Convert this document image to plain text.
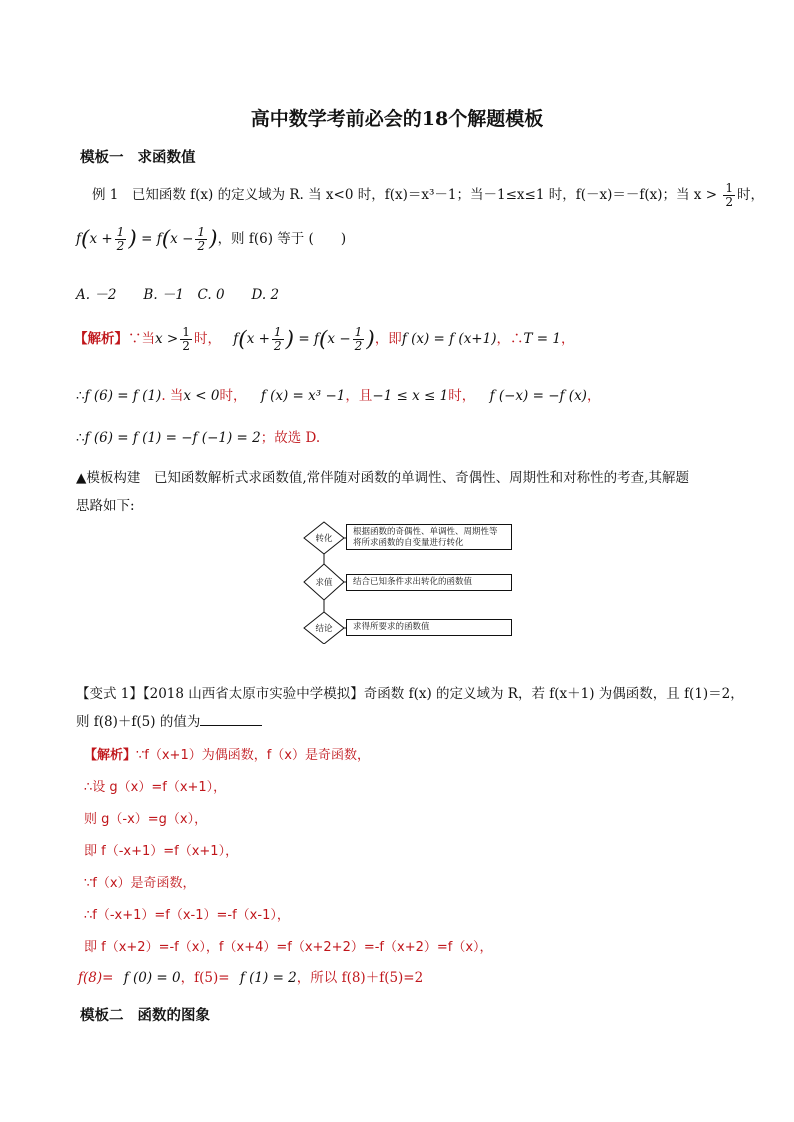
高中数学考前必会的18个解题模板
模板一 求函数值
例 1　已知函数 f(x) 的定义域为 R. 当 x<0 时，f(x)＝x³－1；当－1≤x≤1 时，f(－x)＝－f(x)；当 $x > \frac{1}{2}$ 时，
$f(x + \frac{1}{2}$ ) = $f(x - \frac{1}{2}$ )，则 f(6) 等于 (　　)
A. －2　　B. －1　C. 0　　D. 2
【解析】∵当$x > \frac{1}{2}$ 时， $f(x + \frac{1}{2}$ ) = $f(x - \frac{1}{2}$ )，即f (x) = f (x+1)，∴T = 1，
∴f (6) = f (1). 当x < 0时， f (x) = x³ −1，且−1 ≤ x ≤ 1时， f (−x) = −f (x)，
∴f (6) = f (1) = −f (−1) = 2；故选 D.
▲模板构建　已知函数解析式求函数值,常伴随对函数的单调性、奇偶性、周期性和对称性的考查,其解题
思路如下:
转化
求值
结论
根据函数的奇偶性、单调性、周期性等将所求函数的自变量进行转化
结合已知条件求出转化的函数值
求得所要求的函数值
【变式 1】【2018 山西省太原市实验中学模拟】奇函数 f(x) 的定义域为 R，若 f(x＋1) 为偶函数，且 f(1)＝2，
则 f(8)＋f(5) 的值为
【解析】∵f（x+1）为偶函数，f（x）是奇函数，
∴设 g（x）=f（x+1），
则 g（-x）=g（x），
即 f（-x+1）=f（x+1），
∵f（x）是奇函数，
∴f（-x+1）=f（x-1）=-f（x-1），
即 f（x+2）=-f（x），f（x+4）=f（x+2+2）=-f（x+2）=f（x），
f(8)= f (0) = 0，f(5)= f (1) = 2，所以 f(8)＋f(5)=2
模板二 函数的图象
